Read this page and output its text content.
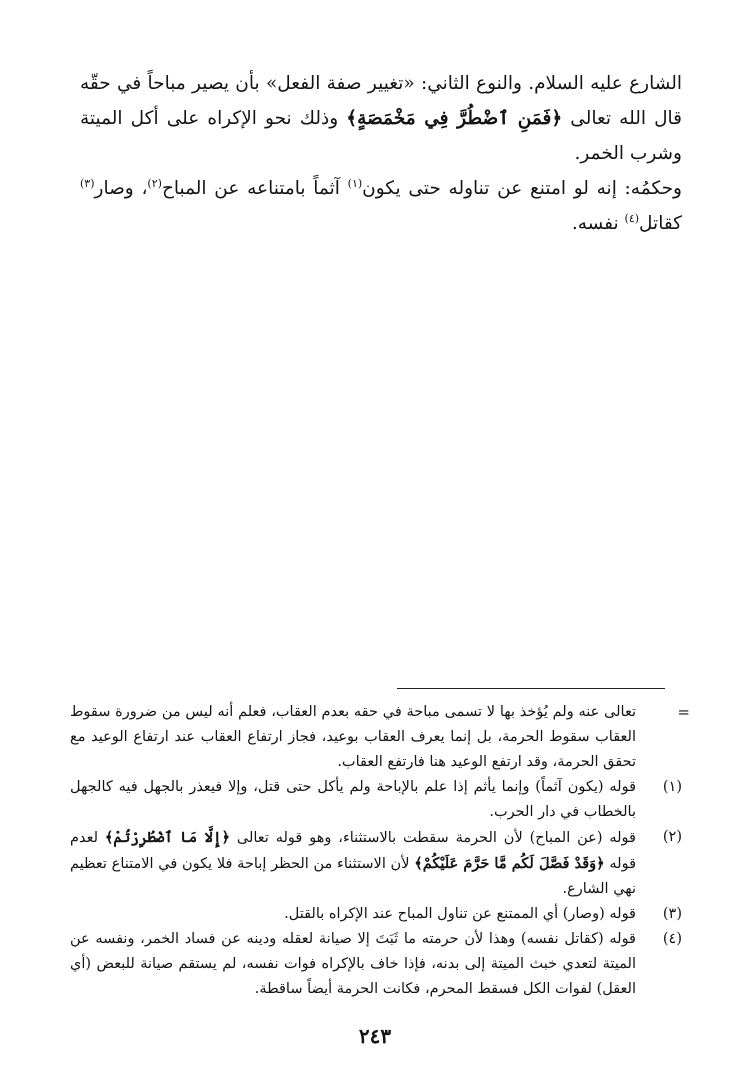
الشارع عليه السلام. والنوع الثاني: «تغيير صفة الفعل» بأن يصير مباحاً في حقّه قال الله تعالى ﴿فَمَنِ ٱضْطُرَّ فِي مَخْمَصَةٍ﴾ وذلك نحو الإكراه على أكل الميتة وشرب الخمر.

وحكمُه: إنه لو امتنع عن تناوله حتى يكون$^{(١)}$ آثماً بامتناعه عن المباح$^{(٢)}$، وصار$^{(٣)}$ كقاتل$^{(٤)}$ نفسه.

=
تعالى عنه ولم يُؤخذ بها لا تسمى مباحة في حقه بعدم العقاب، فعلم أنه ليس من ضرورة سقوط العقاب سقوط الحرمة، بل إنما يعرف العقاب بوعيد، فجاز ارتفاع العقاب عند ارتفاع الوعيد مع تحقق الحرمة، وقد ارتفع الوعيد هنا فارتفع العقاب.
(١)
قوله (يكون آثماً) وإنما يأثم إذا علم بالإباحة ولم يأكل حتى قتل، وإلا فيعذر بالجهل فيه كالجهل بالخطاب في دار الحرب.
(٢)
قوله (عن المباح) لأن الحرمة سقطت بالاستثناء، وهو قوله تعالى ﴿إِلَّا مَا ٱضْطُرِرْتُمْ﴾ لعدم قوله ﴿وَقَدْ فَصَّلَ لَكُم مَّا حَرَّمَ عَلَيْكُمْ﴾ لأن الاستثناء من الحظر إباحة فلا يكون في الامتناع تعظيم نهي الشارع.
(٣)
قوله (وصار) أي الممتنع عن تناول المباح عند الإكراه بالقتل.
(٤)
قوله (كقاتل نفسه) وهذا لأن حرمته ما ثَبَتَ إلا صيانة لعقله ودينه عن فساد الخمر، ونفسه عن الميتة لتعدي خبث الميتة إلى بدنه، فإذا خاف بالإكراه فوات نفسه، لم يستقم صيانة للبعض (أي العقل) لفوات الكل فسقط المحرم، فكانت الحرمة أيضاً ساقطة.
٢٤٣
